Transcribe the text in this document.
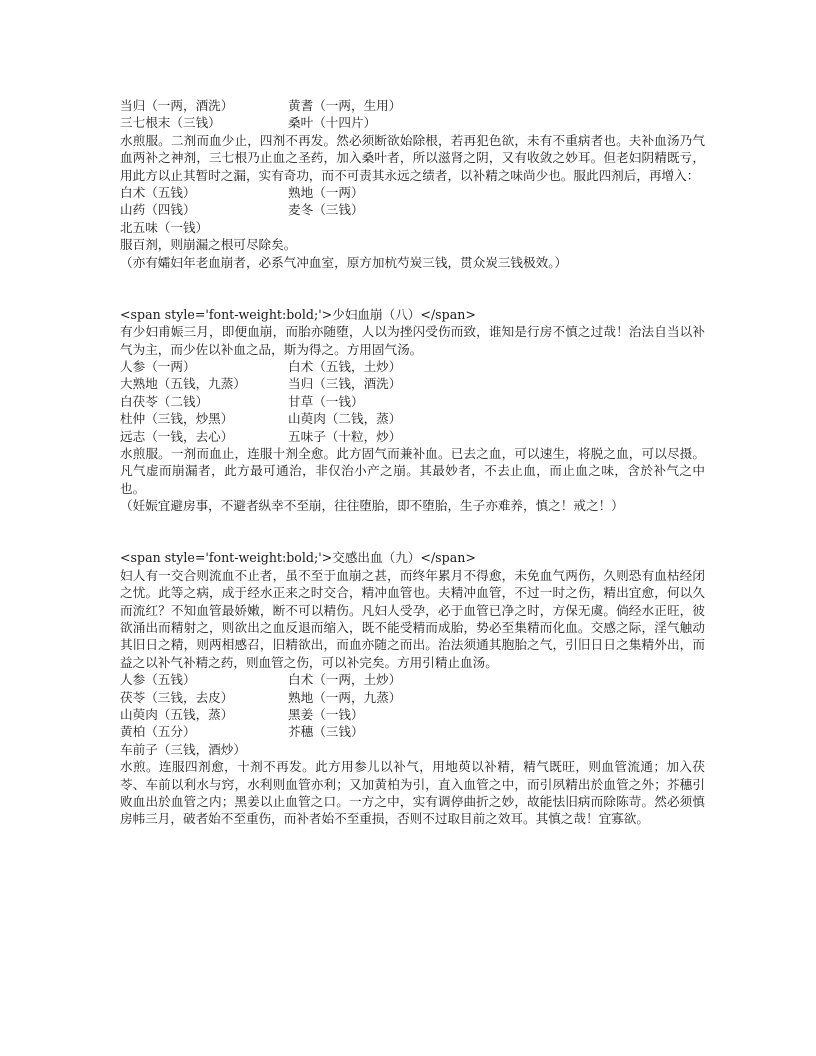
当归（一两，酒洗）	黄耆（一两，生用）
三七根末（三钱）	桑叶（十四片）
水煎服。二剂而血少止，四剂不再发。然必须断欲始除根，若再犯色欲，未有不重病者也。夫补血汤乃气血两补之神剂，三七根乃止血之圣药，加入桑叶者，所以滋肾之阴，又有收敛之妙耳。但老妇阴精既亏，用此方以止其暂时之漏，实有奇功，而不可责其永远之绩者，以补精之味尚少也。服此四剂后，再增入：
白术（五钱）	熟地（一两）
山药（四钱）	麦冬（三钱）
北五味（一钱）
服百剂，则崩漏之根可尽除矣。
（亦有孀妇年老血崩者，必系气冲血室，原方加杭芍炭三钱，贯众炭三钱极效。）
<span style='font-weight:bold;'>少妇血崩（八）</span>
有少妇甫娠三月，即便血崩，而胎亦随堕，人以为挫闪受伤而致，谁知是行房不慎之过哉！治法自当以补气为主，而少佐以补血之品，斯为得之。方用固气汤。
人参（一两）	白术（五钱，土炒）
大熟地（五钱，九蒸）	当归（三钱，酒洗）
白茯苓（二钱）	甘草（一钱）
杜仲（三钱，炒黑）	山萸肉（二钱，蒸）
远志（一钱，去心）	五味子（十粒，炒）
水煎服。一剂而血止，连服十剂全愈。此方固气而兼补血。已去之血，可以速生，将脱之血，可以尽摄。凡气虚而崩漏者，此方最可通治，非仅治小产之崩。其最妙者，不去止血，而止血之味，含於补气之中也。
（妊娠宜避房事，不避者纵幸不至崩，往往堕胎，即不堕胎，生子亦难养，慎之！戒之！）
<span style='font-weight:bold;'>交感出血（九）</span>
妇人有一交合则流血不止者，虽不至于血崩之甚，而终年累月不得愈，未免血气两伤，久则恐有血枯经闭之忧。此等之病，成于经水正来之时交合，精冲血管也。夫精冲血管，不过一时之伤，精出宜愈，何以久而流红？不知血管最娇嫩，断不可以精伤。凡妇人受孕，必于血管已净之时，方保无虞。倘经水正旺，彼欲涌出而精射之，则欲出之血反退而缩入，既不能受精而成胎，势必至集精而化血。交感之际，淫气触动其旧日之精，则两相感召，旧精欲出，而血亦随之而出。治法须通其胞胎之气，引旧日日之集精外出，而益之以补气补精之药，则血管之伤，可以补完矣。方用引精止血汤。
人参（五钱）	白术（一两，土炒）
茯苓（三钱，去皮）	熟地（一两，九蒸）
山萸肉（五钱，蒸）	黑姜（一钱）
黄柏（五分）	芥穗（三钱）
车前子（三钱，酒炒）
水煎。连服四剂愈，十剂不再发。此方用参儿以补气，用地萸以补精，精气既旺，则血管流通；加入茯苓、车前以利水与窍，水利则血管亦利；又加黄柏为引，直入血管之中，而引夙精出於血管之外；芥穗引败血出於血管之内；黑姜以止血管之口。一方之中，实有调停曲折之妙，故能怯旧病而除陈苛。然必须慎房帏三月，破者始不至重伤，而补者始不至重损，否则不过取目前之效耳。其慎之哉！宜寡欲。
